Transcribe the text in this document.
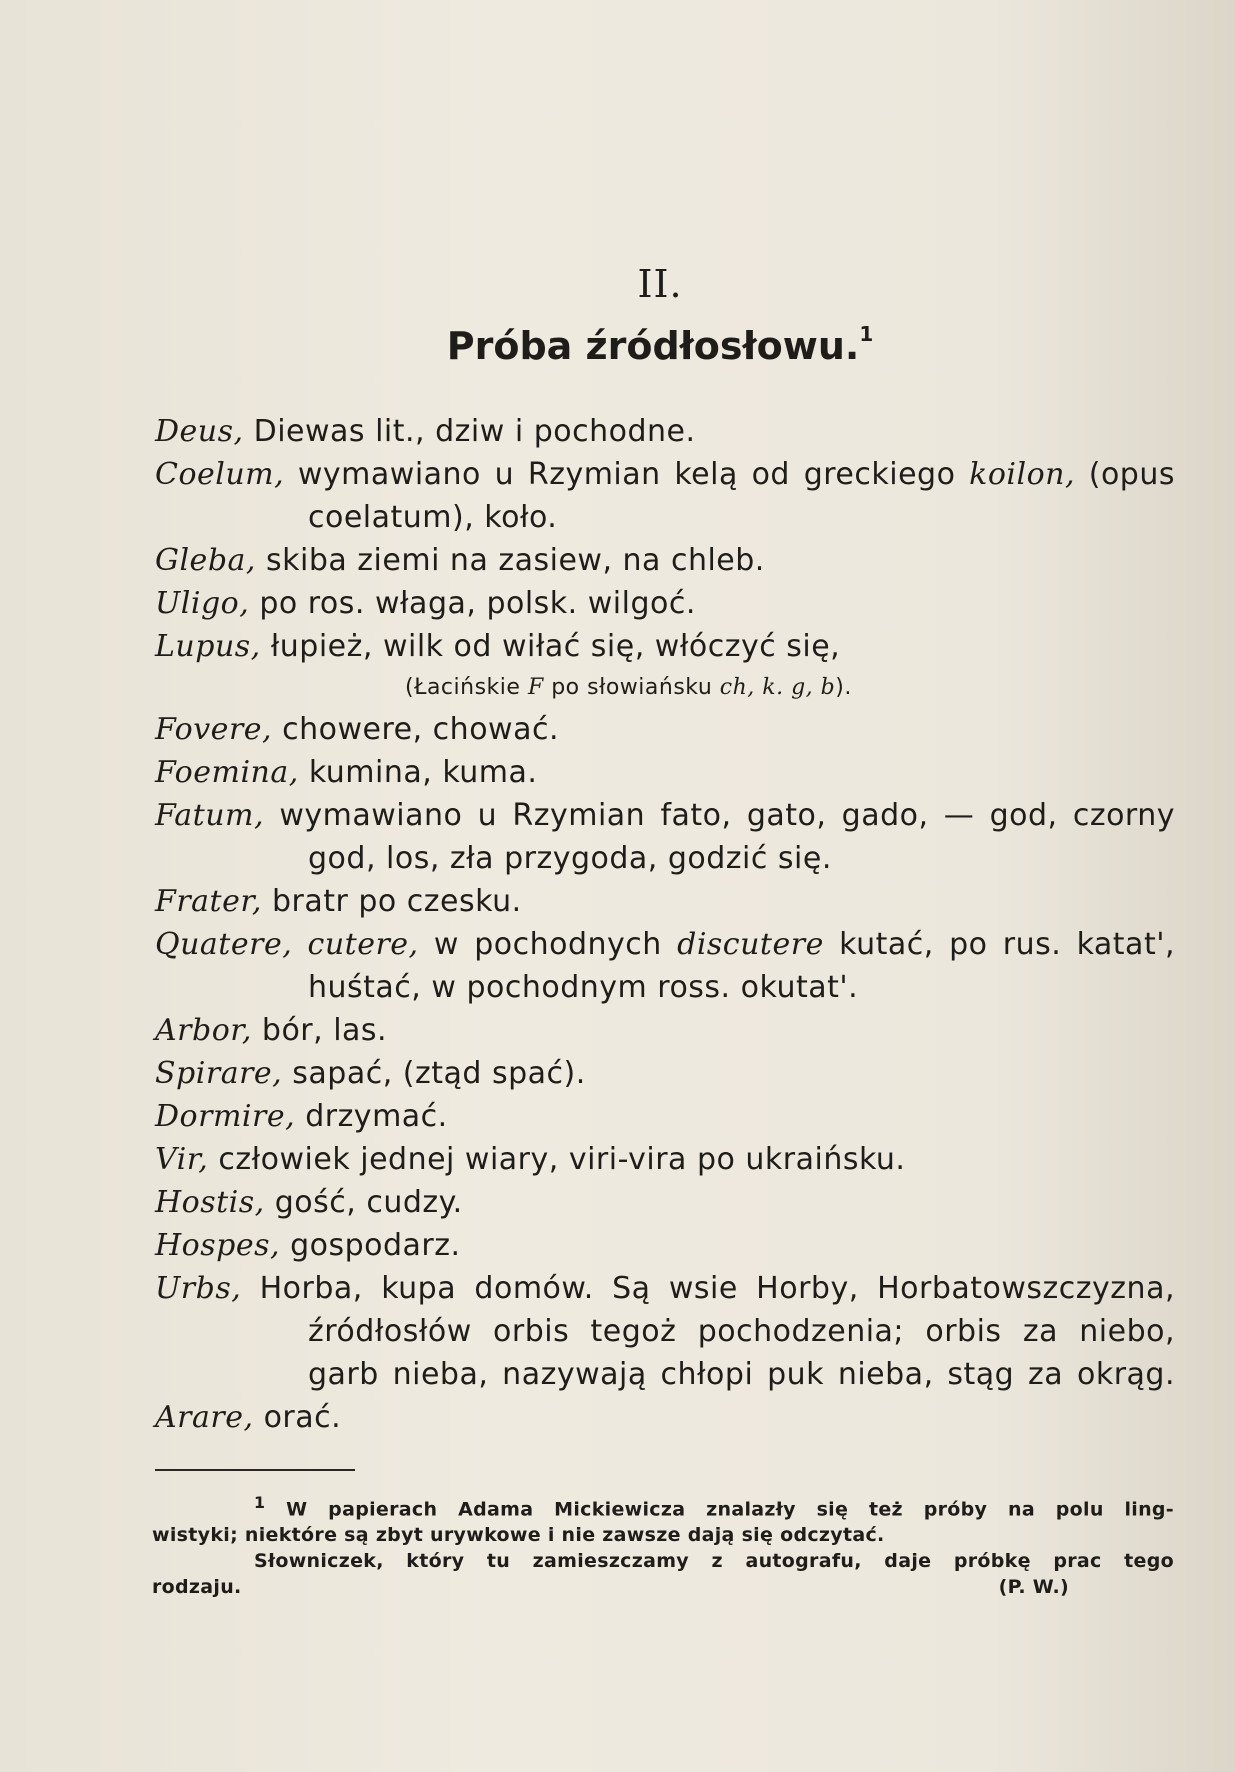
II.
Próba źródłosłowu.$^1$
Deus, Diewas lit., dziw i pochodne.
Coelum, wymawiano u Rzymian kelą od greckiego koilon, (opus
coelatum), koło.
Gleba, skiba ziemi na zasiew, na chleb.
Uligo, po ros. właga, polsk. wilgoć.
Lupus, łupież, wilk od wiłać się, włóczyć się,
(Łacińskie F po słowiańsku ch, k. g, b).
Fovere, chowere, chować.
Foemina, kumina, kuma.
Fatum, wymawiano u Rzymian fato, gato, gado, — god, czorny
god, los, zła przygoda, godzić się.
Frater, bratr po czesku.
Quatere, cutere, w pochodnych discutere kutać, po rus. katat',
huśtać, w pochodnym ross. okutat'.
Arbor, bór, las.
Spirare, sapać, (ztąd spać).
Dormire, drzymać.
Vir, człowiek jednej wiary, viri-vira po ukraińsku.
Hostis, gość, cudzy.
Hospes, gospodarz.
Urbs, Horba, kupa domów. Są wsie Horby, Horbatowszczyzna,
źródłosłów orbis tegoż pochodzenia; orbis za niebo,
garb nieba, nazywają chłopi puk nieba, stąg za okrąg.
Arare, orać.
$^1$ W papierach Adama Mickiewicza znalazły się też próby na polu ling-
wistyki; niektóre są zbyt urywkowe i nie zawsze dają się odczytać.
Słowniczek, który tu zamieszczamy z autografu, daje próbkę prac tego
rodzaju.	(P. W.)
